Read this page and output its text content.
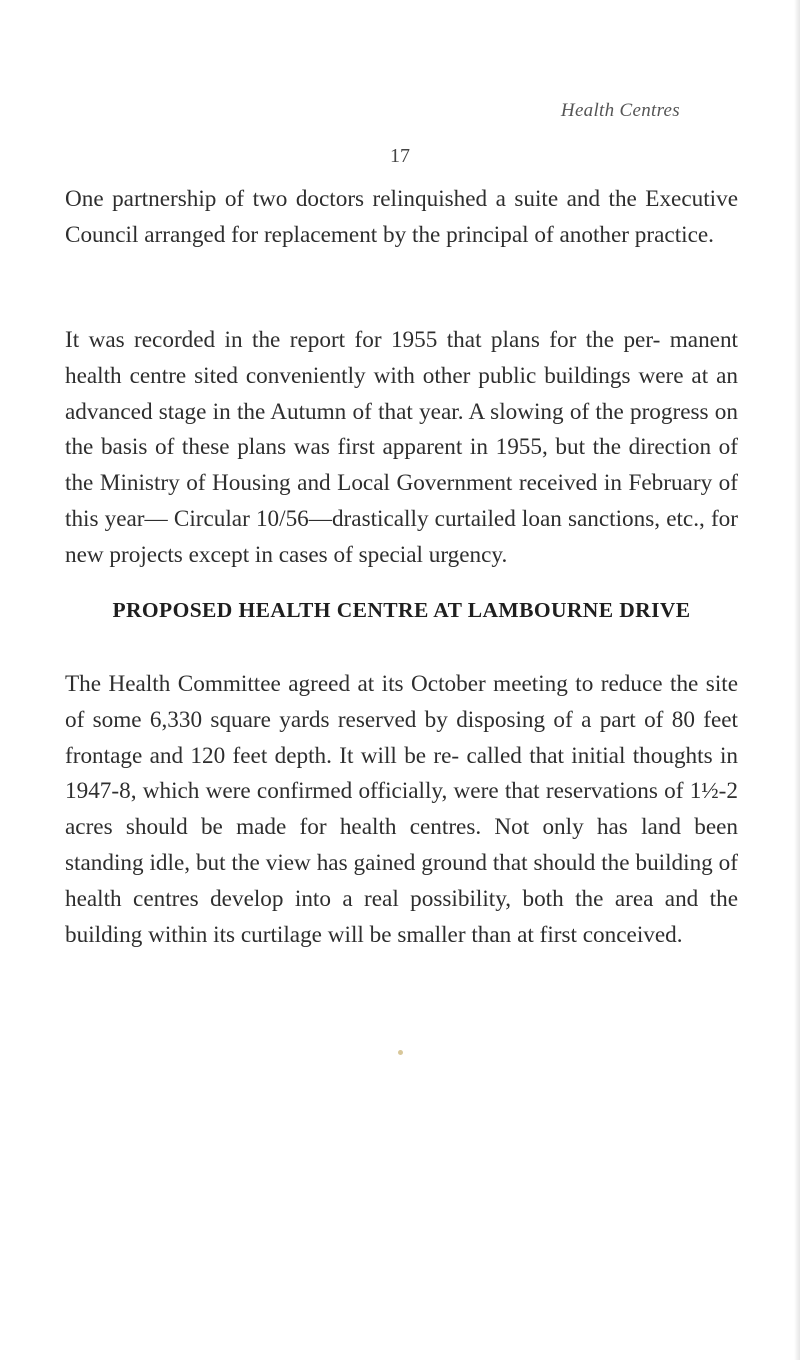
Health Centres
17

One partnership of two doctors relinquished a suite and the Executive Council arranged for replacement by the principal of another practice.

It was recorded in the report for 1955 that plans for the per- manent health centre sited conveniently with other public buildings were at an advanced stage in the Autumn of that year. A slowing of the progress on the basis of these plans was first apparent in 1955, but the direction of the Ministry of Housing and Local Government received in February of this year— Circular 10/56—drastically curtailed loan sanctions, etc., for new projects except in cases of special urgency.

PROPOSED HEALTH CENTRE AT LAMBOURNE DRIVE

The Health Committee agreed at its October meeting to reduce the site of some 6,330 square yards reserved by disposing of a part of 80 feet frontage and 120 feet depth. It will be re- called that initial thoughts in 1947-8, which were confirmed officially, were that reservations of 1½-2 acres should be made for health centres. Not only has land been standing idle, but the view has gained ground that should the building of health centres develop into a real possibility, both the area and the building within its curtilage will be smaller than at first conceived.
